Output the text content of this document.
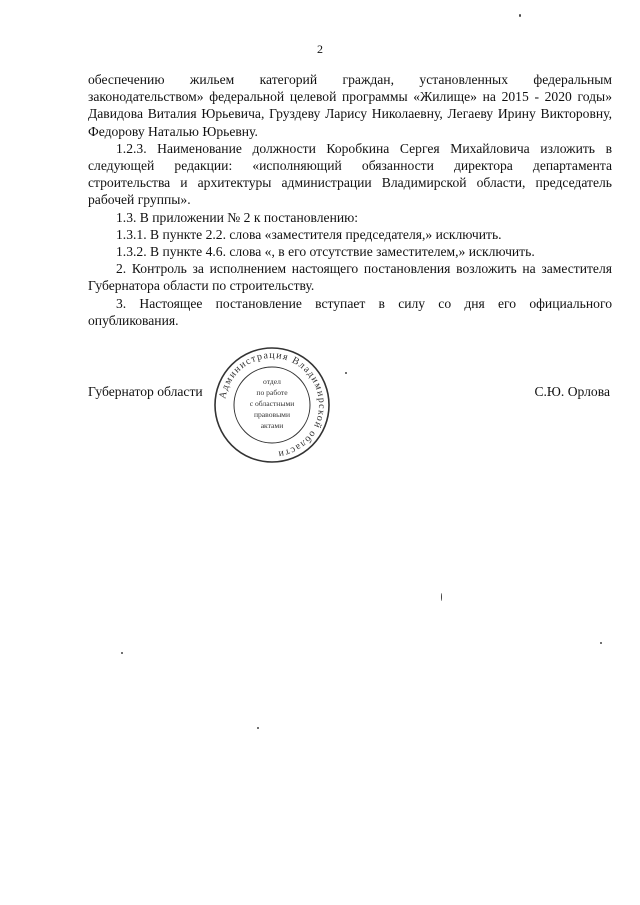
2

обеспечению жильем категорий граждан, установленных федеральным законодательством» федеральной целевой программы «Жилище» на 2015 - 2020 годы» Давидова Виталия Юрьевича, Груздеву Ларису Николаевну, Легаеву Ирину Викторовну, Федорову Наталью Юрьевну.

1.2.3. Наименование должности Коробкина Сергея Михайловича изложить в следующей редакции: «исполняющий обязанности директора департамента строительства и архитектуры администрации Владимирской области, председатель рабочей группы».

1.3. В приложении № 2 к постановлению:

1.3.1. В пункте 2.2. слова «заместителя председателя,» исключить.

1.3.2. В пункте 4.6. слова «, в его отсутствие заместителем,» исключить.

2. Контроль за исполнением настоящего постановления возложить на заместителя Губернатора области по строительству.

3. Настоящее постановление вступает в силу со дня его официального опубликования.

Губернатор области	С.Ю. Орлова
Администрация Владимирской области
отдел
по работе
с областными
правовыми
актами
